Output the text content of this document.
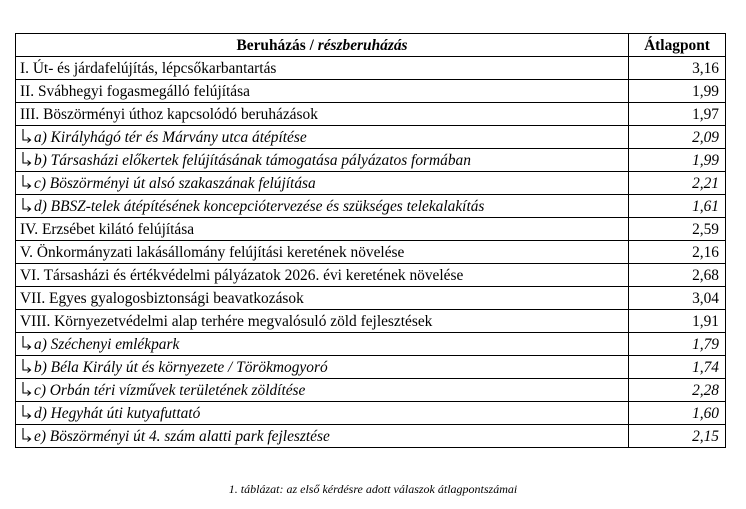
Beruházás / részberuházás	Átlagpont
I. Út- és járdafelújítás, lépcsőkarbantartás	3,16
II. Svábhegyi fogasmegálló felújítása	1,99
III. Böszörményi úthoz kapcsolódó beruházások	1,97

a) Királyhágó tér és Márvány utca átépítése	2,09

b) Társasházi előkertek felújításának támogatása pályázatos formában	1,99

c) Böszörményi út alsó szakaszának felújítása	2,21

d) BBSZ-telek átépítésének koncepciótervezése és szükséges telekalakítás	1,61
IV. Erzsébet kilátó felújítása	2,59
V. Önkormányzati lakásállomány felújítási keretének növelése	2,16
VI. Társasházi és értékvédelmi pályázatok 2026. évi keretének növelése	2,68
VII. Egyes gyalogosbiztonsági beavatkozások	3,04
VIII. Környezetvédelmi alap terhére megvalósuló zöld fejlesztések	1,91

a) Széchenyi emlékpark	1,79

b) Béla Király út és környezete / Törökmogyoró	1,74

c) Orbán téri vízművek területének zöldítése	2,28

d) Hegyhát úti kutyafuttató	1,60

e) Böszörményi út 4. szám alatti park fejlesztése	2,15
1. táblázat: az első kérdésre adott válaszok átlagpontszámai
